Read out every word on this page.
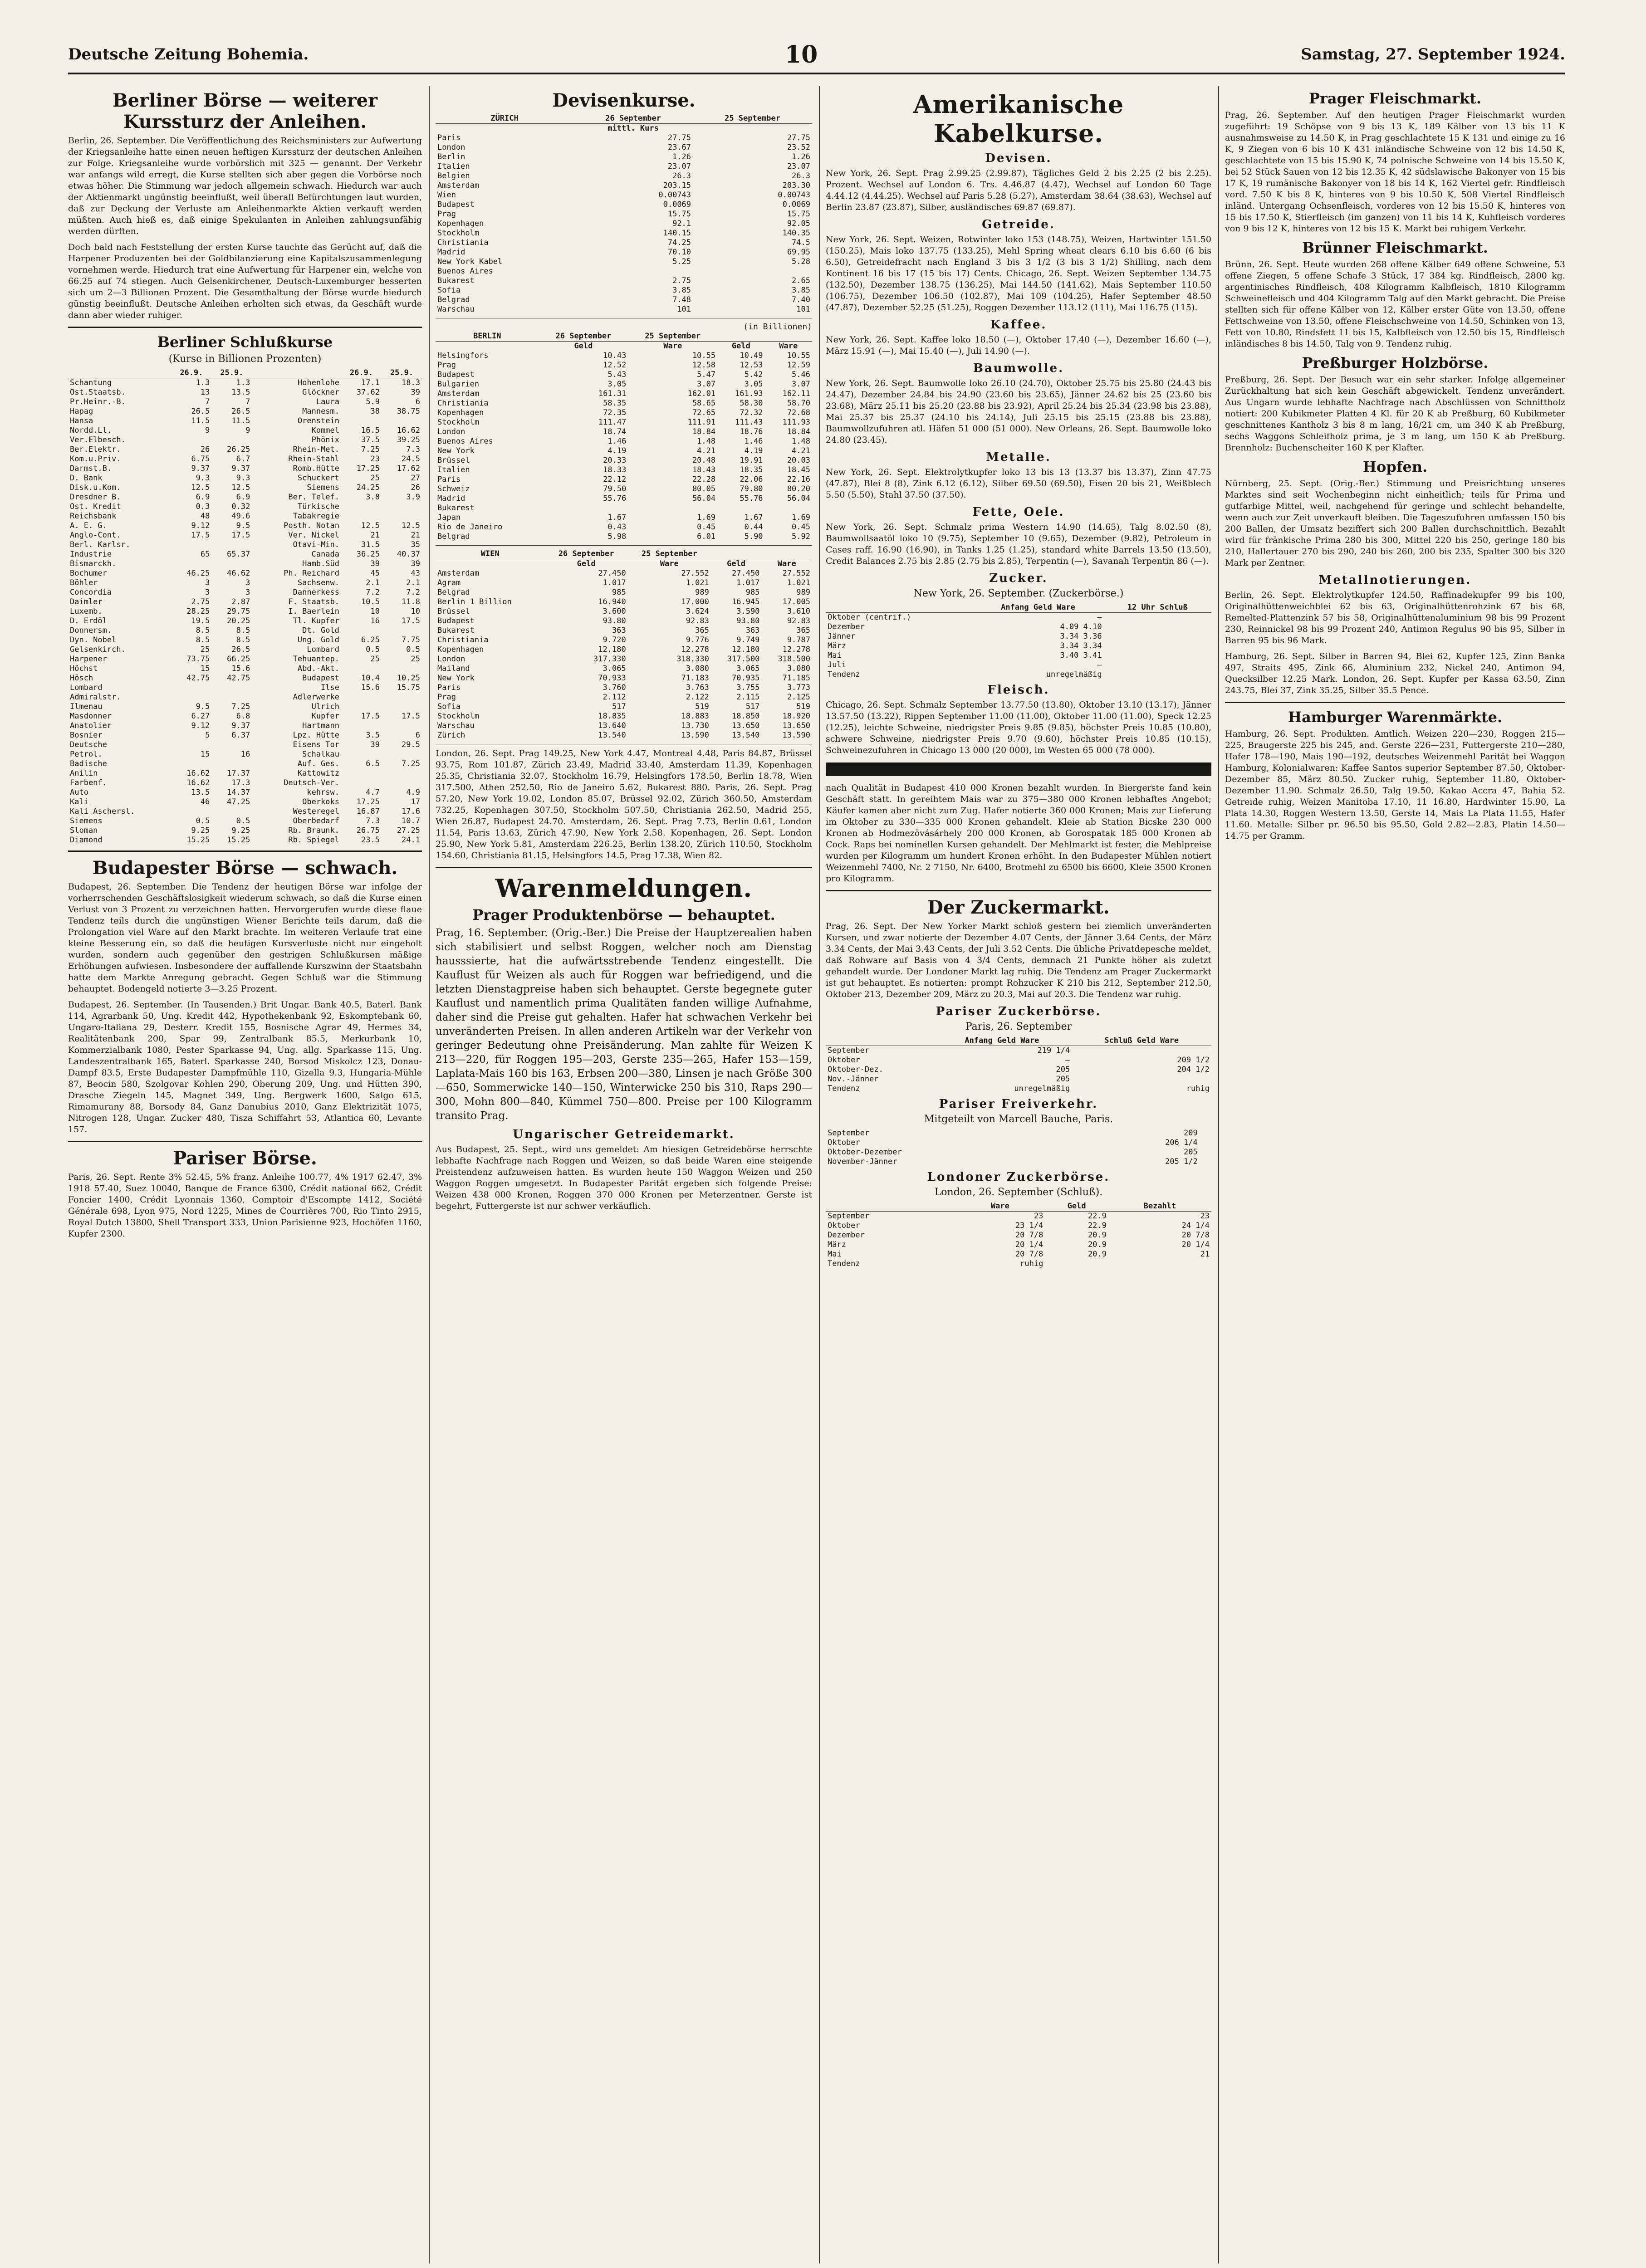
Deutsche Zeitung Bohemia.	10	Samstag, 27. September 1924.
Berliner Börse — weiterer Kurssturz der Anleihen.

Berlin, 26. September. Die Veröffentlichung des Reichsministers zur Aufwertung der Kriegsanleihe hatte einen neuen heftigen Kurssturz der deutschen Anleihen zur Folge. Kriegsanleihe wurde vorbörslich mit 325 — genannt. Der Verkehr war anfangs wild erregt, die Kurse stellten sich aber gegen die Vorbörse noch etwas höher. Die Stimmung war jedoch allgemein schwach. Hiedurch war auch der Aktienmarkt ungünstig beeinflußt, weil überall Befürchtungen laut wurden, daß zur Deckung der Verluste am Anleihenmarkte Aktien verkauft werden müßten. Auch hieß es, daß einige Spekulanten in Anleihen zahlungsunfähig werden dürften.

Doch bald nach Feststellung der ersten Kurse tauchte das Gerücht auf, daß die Harpener Produzenten bei der Goldbilanzierung eine Kapitalszusammenlegung vornehmen werde. Hiedurch trat eine Aufwertung für Harpener ein, welche von 66.25 auf 74 stiegen. Auch Gelsenkirchener, Deutsch-Luxemburger besserten sich um 2—3 Billionen Prozent. Die Gesamthaltung der Börse wurde hiedurch günstig beeinflußt. Deutsche Anleihen erholten sich etwas, da Geschäft wurde dann aber wieder ruhiger.

Berliner Schlußkurse
(Kurse in Billionen Prozenten)
	26.9.	25.9.		26.9.	25.9.
Schantung	1.3	1.3	Hohenlohe	17.1	18.3
Ost.Staatsb.	13	13.5	Glöckner	37.62	39
Pr.Heinr.-B.	7	7	Laura	5.9	6
Hapag	26.5	26.5	Mannesm.	38	38.75
Hansa	11.5	11.5	Orenstein		
Nordd.Ll.	9	9	Kommel	16.5	16.62
Ver.Elbesch.			Phönix	37.5	39.25
Ber.Elektr.	26	26.25	Rhein-Met.	7.25	7.3
Kom.u.Priv.	6.75	6.7	Rhein-Stahl	23	24.5
Darmst.B.	9.37	9.37	Romb.Hütte	17.25	17.62
D. Bank	9.3	9.3	Schuckert	25	27
Disk.u.Kom.	12.5	12.5	Siemens	24.25	26
Dresdner B.	6.9	6.9	Ber. Telef.	3.8	3.9
Ost. Kredit	0.3	0.32	Türkische		
Reichsbank	48	49.6	Tabakregie		
A. E. G.	9.12	9.5	Posth. Notan	12.5	12.5
Anglo-Cont.	17.5	17.5	Ver. Nickel	21	21
Berl. Karlsr.			Otavi-Min.	31.5	35
Industrie	65	65.37	Canada	36.25	40.37
Bismarckh.			Hamb.Süd	39	39
Bochumer	46.25	46.62	Ph. Reichard	45	43
Böhler	3	3	Sachsenw.	2.1	2.1
Concordia	3	3	Dannerkess	7.2	7.2
Daimler	2.75	2.87	F. Staatsb.	10.5	11.8
Luxemb.	28.25	29.75	I. Baerlein	10	10
D. Erdöl	19.5	20.25	Tl. Kupfer	16	17.5
Donnersm.	8.5	8.5	Dt. Gold		
Dyn. Nobel	8.5	8.5	Ung. Gold	6.25	7.75
Gelsenkirch.	25	26.5	Lombard	0.5	0.5
Harpener	73.75	66.25	Tehuantep.	25	25
Höchst	15	15.6	Abd.-Akt.		
Hösch	42.75	42.75	Budapest	10.4	10.25
Lombard			Ilse	15.6	15.75
Admiralstr.			Adlerwerke		
Ilmenau	9.5	7.25	Ulrich		
Masdonner	6.27	6.8	Kupfer	17.5	17.5
Anatolier	9.12	9.37	Hartmann		
Bosnier	5	6.37	Lpz. Hütte	3.5	6
Deutsche			Eisens Tor	39	29.5
Petrol.	15	16	Schalkau		
Badische			Auf. Ges.	6.5	7.25
Anilin	16.62	17.37	Kattowitz		
Farbenf.	16.62	17.3	Deutsch-Ver.		
Auto	13.5	14.37	kehrsw.	4.7	4.9
Kali	46	47.25	Oberkoks	17.25	17
Kali Aschersl.			Westeregel	16.87	17.6
Siemens	0.5	0.5	Oberbedarf	7.3	10.7
Sloman	9.25	9.25	Rb. Braunk.	26.75	27.25
Diamond	15.25	15.25	Rb. Spiegel	23.5	24.1
Budapester Börse — schwach.

Budapest, 26. September. Die Tendenz der heutigen Börse war infolge der vorherrschenden Geschäftslosigkeit wiederum schwach, so daß die Kurse einen Verlust von 3 Prozent zu verzeichnen hatten. Hervorgerufen wurde diese flaue Tendenz teils durch die ungünstigen Wiener Berichte teils darum, daß die Prolongation viel Ware auf den Markt brachte. Im weiteren Verlaufe trat eine kleine Besserung ein, so daß die heutigen Kursverluste nicht nur eingeholt wurden, sondern auch gegenüber den gestrigen Schlußkursen mäßige Erhöhungen aufwiesen. Insbesondere der auffallende Kurszwinn der Staatsbahn hatte dem Markte Anregung gebracht. Gegen Schluß war die Stimmung behauptet. Bodengeld notierte 3—3.25 Prozent.

Budapest, 26. September. (In Tausenden.) Brit Ungar. Bank 40.5, Baterl. Bank 114, Agrarbank 50, Ung. Kredit 442, Hypothekenbank 92, Eskomptebank 60, Ungaro-Italiana 29, Desterr. Kredit 155, Bosnische Agrar 49, Hermes 34, Realitätenbank 200, Spar 99, Zentralbank 85.5, Merkurbank 10, Kommerzialbank 1080, Pester Sparkasse 94, Ung. allg. Sparkasse 115, Ung. Landeszentralbank 165, Baterl. Sparkasse 240, Borsod Miskolcz 123, Donau-Dampf 83.5, Erste Budapester Dampfmühle 110, Gizella 9.3, Hungaria-Mühle 87, Beocin 580, Szolgovar Kohlen 290, Oberung 209, Ung. und Hütten 390, Drasche Ziegeln 145, Magnet 349, Ung. Bergwerk 1600, Salgo 615, Rimamurany 88, Borsody 84, Ganz Danubius 2010, Ganz Elektrizität 1075, Nitrogen 128, Ungar. Zucker 480, Tisza Schiffahrt 53, Atlantica 60, Levante 157.

Pariser Börse.

Paris, 26. Sept. Rente 3% 52.45, 5% franz. Anleihe 100.77, 4% 1917 62.47, 3% 1918 57.40, Suez 10040, Banque de France 6300, Crédit national 662, Crédit Foncier 1400, Crédit Lyonnais 1360, Comptoir d'Escompte 1412, Société Générale 698, Lyon 975, Nord 1225, Mines de Courrières 700, Rio Tinto 2915, Royal Dutch 13800, Shell Transport 333, Union Parisienne 923, Hochöfen 1160, Kupfer 2300.

Devisenkurse.
ZÜRICH	26 September	25 September
	mittl. Kurs	
Paris	27.75	27.75
London	23.67	23.52
Berlin	1.26	1.26
Italien	23.07	23.07
Belgien	26.3	26.3
Amsterdam	203.15	203.30
Wien	0.00743	0.00743
Budapest	0.0069	0.0069
Prag	15.75	15.75
Kopenhagen	92.1	92.05
Stockholm	140.15	140.35
Christiania	74.25	74.5
Madrid	70.10	69.95
New York Kabel	5.25	5.28
Buenos Aires		
Bukarest	2.75	2.65
Sofia	3.85	3.85
Belgrad	7.48	7.40
Warschau	101	101
(in Billionen)
BERLIN	26 September	25 September		
	Geld	Ware	Geld	Ware
Helsingfors	10.43	10.55	10.49	10.55
Prag	12.52	12.58	12.53	12.59
Budapest	5.43	5.47	5.42	5.46
Bulgarien	3.05	3.07	3.05	3.07
Amsterdam	161.31	162.01	161.93	162.11
Christiania	58.35	58.65	58.30	58.70
Kopenhagen	72.35	72.65	72.32	72.68
Stockholm	111.47	111.91	111.43	111.93
London	18.74	18.84	18.76	18.84
Buenos Aires	1.46	1.48	1.46	1.48
New York	4.19	4.21	4.19	4.21
Brüssel	20.33	20.48	19.91	20.03
Italien	18.33	18.43	18.35	18.45
Paris	22.12	22.28	22.06	22.16
Schweiz	79.50	80.05	79.80	80.20
Madrid	55.76	56.04	55.76	56.04
Bukarest				
Japan	1.67	1.69	1.67	1.69
Rio de Janeiro	0.43	0.45	0.44	0.45
Belgrad	5.98	6.01	5.90	5.92
WIEN	26 September	25 September		
	Geld	Ware	Geld	Ware
Amsterdam	27.450	27.552	27.450	27.552
Agram	1.017	1.021	1.017	1.021
Belgrad	985	989	985	989
Berlin 1 Billion	16.940	17.000	16.945	17.005
Brüssel	3.600	3.624	3.590	3.610
Budapest	93.80	92.83	93.80	92.83
Bukarest	363	365	363	365
Christiania	9.720	9.776	9.749	9.787
Kopenhagen	12.180	12.278	12.180	12.278
London	317.330	318.330	317.500	318.500
Mailand	3.065	3.080	3.065	3.080
New York	70.933	71.183	70.935	71.185
Paris	3.760	3.763	3.755	3.773
Prag	2.112	2.122	2.115	2.125
Sofia	517	519	517	519
Stockholm	18.835	18.883	18.850	18.920
Warschau	13.640	13.730	13.650	13.650
Zürich	13.540	13.590	13.540	13.590

London, 26. Sept. Prag 149.25, New York 4.47, Montreal 4.48, Paris 84.87, Brüssel 93.75, Rom 101.87, Zürich 23.49, Madrid 33.40, Amsterdam 11.39, Kopenhagen 25.35, Christiania 32.07, Stockholm 16.79, Helsingfors 178.50, Berlin 18.78, Wien 317.500, Athen 252.50, Rio de Janeiro 5.62, Bukarest 880. Paris, 26. Sept. Prag 57.20, New York 19.02, London 85.07, Brüssel 92.02, Zürich 360.50, Amsterdam 732.25, Kopenhagen 307.50, Stockholm 507.50, Christiania 262.50, Madrid 255, Wien 26.87, Budapest 24.70. Amsterdam, 26. Sept. Prag 7.73, Berlin 0.61, London 11.54, Paris 13.63, Zürich 47.90, New York 2.58. Kopenhagen, 26. Sept. London 25.90, New York 5.81, Amsterdam 226.25, Berlin 138.20, Zürich 110.50, Stockholm 154.60, Christiania 81.15, Helsingfors 14.5, Prag 17.38, Wien 82.

Warenmeldungen.
Prager Produktenbörse — behauptet.

Prag, 16. September. (Orig.-Ber.) Die Preise der Hauptzerealien haben sich stabilisiert und selbst Roggen, welcher noch am Dienstag hausssierte, hat die aufwärtsstrebende Tendenz eingestellt. Die Kauflust für Weizen als auch für Roggen war befriedigend, und die letzten Dienstagpreise haben sich behauptet. Gerste begegnete guter Kauflust und namentlich prima Qualitäten fanden willige Aufnahme, daher sind die Preise gut gehalten. Hafer hat schwachen Verkehr bei unveränderten Preisen. In allen anderen Artikeln war der Verkehr von geringer Bedeutung ohne Preisänderung. Man zahlte für Weizen K 213—220, für Roggen 195—203, Gerste 235—265, Hafer 153—159, Laplata-Mais 160 bis 163, Erbsen 200—380, Linsen je nach Größe 300—650, Sommerwicke 140—150, Winterwicke 250 bis 310, Raps 290—300, Mohn 800—840, Kümmel 750—800. Preise per 100 Kilogramm transito Prag.

Ungarischer Getreidemarkt.

Aus Budapest, 25. Sept., wird uns gemeldet: Am hiesigen Getreidebörse herrschte lebhafte Nachfrage nach Roggen und Weizen, so daß beide Waren eine steigende Preistendenz aufzuweisen hatten. Es wurden heute 150 Waggon Weizen und 250 Waggon Roggen umgesetzt. In Budapester Parität ergeben sich folgende Preise: Weizen 438 000 Kronen, Roggen 370 000 Kronen per Meterzentner. Gerste ist begehrt, Futtergerste ist nur schwer verkäuflich.

Amerikanische Kabelkurse.
Devisen.

New York, 26. Sept. Prag 2.99.25 (2.99.87), Tägliches Geld 2 bis 2.25 (2 bis 2.25). Prozent. Wechsel auf London 6. Trs. 4.46.87 (4.47), Wechsel auf London 60 Tage 4.44.12 (4.44.25). Wechsel auf Paris 5.28 (5.27), Amsterdam 38.64 (38.63), Wechsel auf Berlin 23.87 (23.87), Silber, ausländisches 69.87 (69.87).

Getreide.

New York, 26. Sept. Weizen, Rotwinter loko 153 (148.75), Weizen, Hartwinter 151.50 (150.25), Mais loko 137.75 (133.25), Mehl Spring wheat clears 6.10 bis 6.60 (6 bis 6.50), Getreidefracht nach England 3 bis 3 1/2 (3 bis 3 1/2) Shilling, nach dem Kontinent 16 bis 17 (15 bis 17) Cents. Chicago, 26. Sept. Weizen September 134.75 (132.50), Dezember 138.75 (136.25), Mai 144.50 (141.62), Mais September 110.50 (106.75), Dezember 106.50 (102.87), Mai 109 (104.25), Hafer September 48.50 (47.87), Dezember 52.25 (51.25), Roggen Dezember 113.12 (111), Mai 116.75 (115).

Kaffee.

New York, 26. Sept. Kaffee loko 18.50 (—), Oktober 17.40 (—), Dezember 16.60 (—), März 15.91 (—), Mai 15.40 (—), Juli 14.90 (—).

Baumwolle.

New York, 26. Sept. Baumwolle loko 26.10 (24.70), Oktober 25.75 bis 25.80 (24.43 bis 24.47), Dezember 24.84 bis 24.90 (23.60 bis 23.65), Jänner 24.62 bis 25 (23.60 bis 23.68), März 25.11 bis 25.20 (23.88 bis 23.92), April 25.24 bis 25.34 (23.98 bis 23.88), Mai 25.37 bis 25.37 (24.10 bis 24.14), Juli 25.15 bis 25.15 (23.88 bis 23.88), Baumwollzufuhren atl. Häfen 51 000 (51 000). New Orleans, 26. Sept. Baumwolle loko 24.80 (23.45).

Metalle.

New York, 26. Sept. Elektrolytkupfer loko 13 bis 13 (13.37 bis 13.37), Zinn 47.75 (47.87), Blei 8 (8), Zink 6.12 (6.12), Silber 69.50 (69.50), Eisen 20 bis 21, Weißblech 5.50 (5.50), Stahl 37.50 (37.50).

Fette, Oele.

New York, 26. Sept. Schmalz prima Western 14.90 (14.65), Talg 8.02.50 (8), Baumwollsaatöl loko 10 (9.75), September 10 (9.65), Dezember (9.82), Petroleum in Cases raff. 16.90 (16.90), in Tanks 1.25 (1.25), standard white Barrels 13.50 (13.50), Credit Balances 2.75 bis 2.85 (2.75 bis 2.85), Terpentin (—), Savanah Terpentin 86 (—).

Zucker.
New York, 26. September. (Zuckerbörse.)
	Anfang Geld Ware	12 Uhr Schluß
Oktober (centrif.)	—	
Dezember	4.09 4.10	
Jänner	3.34 3.36	
März	3.34 3.34	
Mai	3.40 3.41	
Juli	—	
Tendenz	unregelmäßig	
Fleisch.

Chicago, 26. Sept. Schmalz September 13.77.50 (13.80), Oktober 13.10 (13.17), Jänner 13.57.50 (13.22), Rippen September 11.00 (11.00), Oktober 11.00 (11.00), Speck 12.25 (12.25), leichte Schweine, niedrigster Preis 9.85 (9.85), höchster Preis 10.85 (10.80), schwere Schweine, niedrigster Preis 9.70 (9.60), höchster Preis 10.85 (10.15), Schweinezufuhren in Chicago 13 000 (20 000), im Westen 65 000 (78 000).

nach Qualität in Budapest 410 000 Kronen bezahlt wurden. In Biergerste fand kein Geschäft statt. In gereihtem Mais war zu 375—380 000 Kronen lebhaftes Angebot; Käufer kamen aber nicht zum Zug. Hafer notierte 360 000 Kronen; Mais zur Lieferung im Oktober zu 330—335 000 Kronen gehandelt. Kleie ab Station Bicske 230 000 Kronen ab Hodmezövásárhely 200 000 Kronen, ab Gorospatak 185 000 Kronen ab Cock. Raps bei nominellen Kursen gehandelt. Der Mehlmarkt ist fester, die Mehlpreise wurden per Kilogramm um hundert Kronen erhöht. In den Budapester Mühlen notiert Weizenmehl 7400, Nr. 2 7150, Nr. 6400, Brotmehl zu 6500 bis 6600, Kleie 3500 Kronen pro Kilogramm.

Der Zuckermarkt.

Prag, 26. Sept. Der New Yorker Markt schloß gestern bei ziemlich unveränderten Kursen, und zwar notierte der Dezember 4.07 Cents, der Jänner 3.64 Cents, der März 3.34 Cents, der Mai 3.43 Cents, der Juli 3.52 Cents. Die übliche Privatdepesche meldet, daß Rohware auf Basis von 4 3/4 Cents, demnach 21 Punkte höher als zuletzt gehandelt wurde. Der Londoner Markt lag ruhig. Die Tendenz am Prager Zuckermarkt ist gut behauptet. Es notierten: prompt Rohzucker K 210 bis 212, September 212.50, Oktober 213, Dezember 209, März zu 20.3, Mai auf 20.3. Die Tendenz war ruhig.

Pariser Zuckerbörse.
Paris, 26. September
	Anfang Geld Ware	Schluß Geld Ware
September	219 1/4	
Oktober	—	209 1/2
Oktober-Dez.	205	204 1/2
Nov.-Jänner	205	
Tendenz	unregelmäßig	ruhig
Pariser Freiverkehr.
Mitgeteilt von Marcell Bauche, Paris.
September	209	
Oktober	206 1/4	
Oktober-Dezember	205	
November-Jänner	205 1/2	
Londoner Zuckerbörse.
London, 26. September (Schluß).
	Ware	Geld	Bezahlt
September	23	22.9	23
Oktober	23 1/4	22.9	24 1/4
Dezember	20 7/8	20.9	20 7/8
März	20 1/4	20.9	20 1/4
Mai	20 7/8	20.9	21
Tendenz	ruhig		
Prager Fleischmarkt.

Prag, 26. September. Auf den heutigen Prager Fleischmarkt wurden zugeführt: 19 Schöpse von 9 bis 13 K, 189 Kälber von 13 bis 11 K ausnahmsweise zu 14.50 K, in Prag geschlachtete 15 K 131 und einige zu 16 K, 9 Ziegen von 6 bis 10 K 431 inländische Schweine von 12 bis 14.50 K, geschlachtete von 15 bis 15.90 K, 74 polnische Schweine von 14 bis 15.50 K, bei 52 Stück Sauen von 12 bis 12.35 K, 42 südslawische Bakonyer von 15 bis 17 K, 19 rumänische Bakonyer von 18 bis 14 K, 162 Viertel gefr. Rindfleisch vord. 7.50 K bis 8 K, hinteres von 9 bis 10.50 K, 508 Viertel Rindfleisch inländ. Untergang Ochsenfleisch, vorderes von 12 bis 15.50 K, hinteres von 15 bis 17.50 K, Stierfleisch (im ganzen) von 11 bis 14 K, Kuhfleisch vorderes von 9 bis 12 K, hinteres von 12 bis 15 K. Markt bei ruhigem Verkehr.

Brünner Fleischmarkt.

Brünn, 26. Sept. Heute wurden 268 offene Kälber 649 offene Schweine, 53 offene Ziegen, 5 offene Schafe 3 Stück, 17 384 kg. Rindfleisch, 2800 kg. argentinisches Rindfleisch, 408 Kilogramm Kalbfleisch, 1810 Kilogramm Schweinefleisch und 404 Kilogramm Talg auf den Markt gebracht. Die Preise stellten sich für offene Kälber von 12, Kälber erster Güte von 13.50, offene Fettschweine von 13.50, offene Fleischschweine von 14.50, Schinken von 13, Fett von 10.80, Rindsfett 11 bis 15, Kalbfleisch von 12.50 bis 15, Rindfleisch inländisches 8 bis 14.50, Talg von 9. Tendenz ruhig.

Preßburger Holzbörse.

Preßburg, 26. Sept. Der Besuch war ein sehr starker. Infolge allgemeiner Zurückhaltung hat sich kein Geschäft abgewickelt. Tendenz unverändert. Aus Ungarn wurde lebhafte Nachfrage nach Abschlüssen von Schnittholz notiert: 200 Kubikmeter Platten 4 Kl. für 20 K ab Preßburg, 60 Kubikmeter geschnittenes Kantholz 3 bis 8 m lang, 16/21 cm, um 340 K ab Preßburg, sechs Waggons Schleifholz prima, je 3 m lang, um 150 K ab Preßburg. Brennholz: Buchenscheiter 160 K per Klafter.

Hopfen.

Nürnberg, 25. Sept. (Orig.-Ber.) Stimmung und Preisrichtung unseres Marktes sind seit Wochenbeginn nicht einheitlich; teils für Prima und gutfarbige Mittel, weil, nachgehend für geringe und schlecht behandelte, wenn auch zur Zeit unverkauft bleiben. Die Tageszufuhren umfassen 150 bis 200 Ballen, der Umsatz beziffert sich 200 Ballen durchschnittlich. Bezahlt wird für fränkische Prima 280 bis 300, Mittel 220 bis 250, geringe 180 bis 210, Hallertauer 270 bis 290, 240 bis 260, 200 bis 235, Spalter 300 bis 320 Mark per Zentner.

Metallnotierungen.

Berlin, 26. Sept. Elektrolytkupfer 124.50, Raffinadekupfer 99 bis 100, Originalhüttenweichblei 62 bis 63, Originalhüttenrohzink 67 bis 68, Remelted-Plattenzink 57 bis 58, Originalhüttenaluminium 98 bis 99 Prozent 230, Reinnickel 98 bis 99 Prozent 240, Antimon Regulus 90 bis 95, Silber in Barren 95 bis 96 Mark.

Hamburg, 26. Sept. Silber in Barren 94, Blei 62, Kupfer 125, Zinn Banka 497, Straits 495, Zink 66, Aluminium 232, Nickel 240, Antimon 94, Quecksilber 12.25 Mark. London, 26. Sept. Kupfer per Kassa 63.50, Zinn 243.75, Blei 37, Zink 35.25, Silber 35.5 Pence.

Hamburger Warenmärkte.

Hamburg, 26. Sept. Produkten. Amtlich. Weizen 220—230, Roggen 215—225, Braugerste 225 bis 245, and. Gerste 226—231, Futtergerste 210—280, Hafer 178—190, Mais 190—192, deutsches Weizenmehl Parität bei Waggon Hamburg, Kolonialwaren: Kaffee Santos superior September 87.50, Oktober-Dezember 85, März 80.50. Zucker ruhig, September 11.80, Oktober-Dezember 11.90. Schmalz 26.50, Talg 19.50, Kakao Accra 47, Bahia 52. Getreide ruhig, Weizen Manitoba 17.10, 11 16.80, Hardwinter 15.90, La Plata 14.30, Roggen Western 13.50, Gerste 14, Mais La Plata 11.55, Hafer 11.60. Metalle: Silber pr. 96.50 bis 95.50, Gold 2.82—2.83, Platin 14.50—14.75 per Gramm.
